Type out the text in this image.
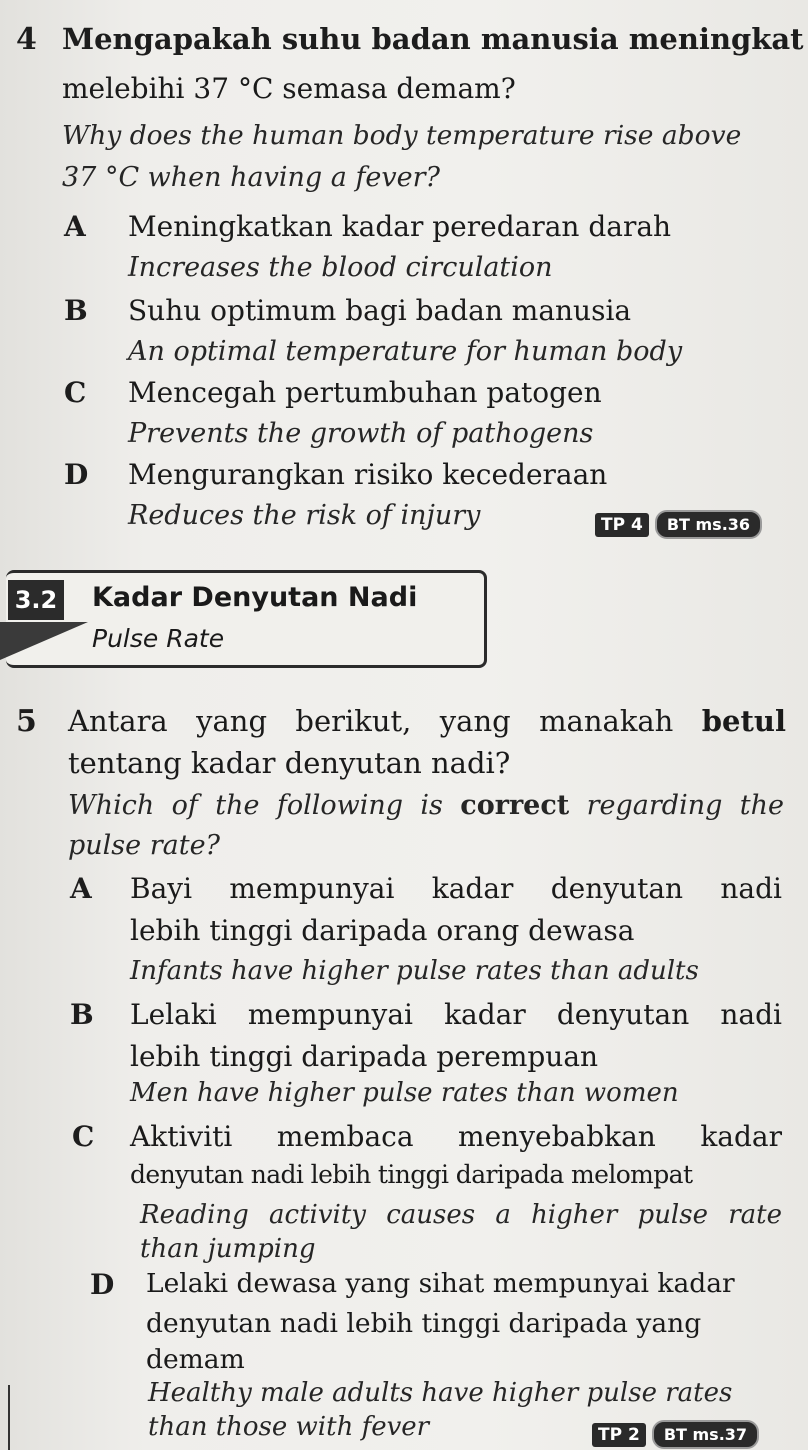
4 Mengapakah suhu badan manusia meningkat
melebihi 37 °C semasa demam?
Why does the human body temperature rise above
37 °C when having a fever?
A Meningkatkan kadar peredaran darah
Increases the blood circulation
B Suhu optimum bagi badan manusia
An optimal temperature for human body
C Mencegah pertumbuhan patogen
Prevents the growth of pathogens
D Mengurangkan risiko kecederaan
Reduces the risk of injury	TP 4	BT ms.36
3.2 Kadar Denyutan Nadi
Pulse Rate
5 Antara yang berikut, yang manakah betul
tentang kadar denyutan nadi?
Which of the following is correct regarding the
pulse rate?
A Bayi mempunyai kadar denyutan nadi
lebih tinggi daripada orang dewasa
Infants have higher pulse rates than adults
B Lelaki mempunyai kadar denyutan nadi
lebih tinggi daripada perempuan
Men have higher pulse rates than women
C Aktiviti membaca menyebabkan kadar
denyutan nadi lebih tinggi daripada melompat
Reading activity causes a higher pulse rate
than jumping
D Lelaki dewasa yang sihat mempunyai kadar
denyutan nadi lebih tinggi daripada yang
demam
Healthy male adults have higher pulse rates
than those with fever	TP 2	BT ms.37
